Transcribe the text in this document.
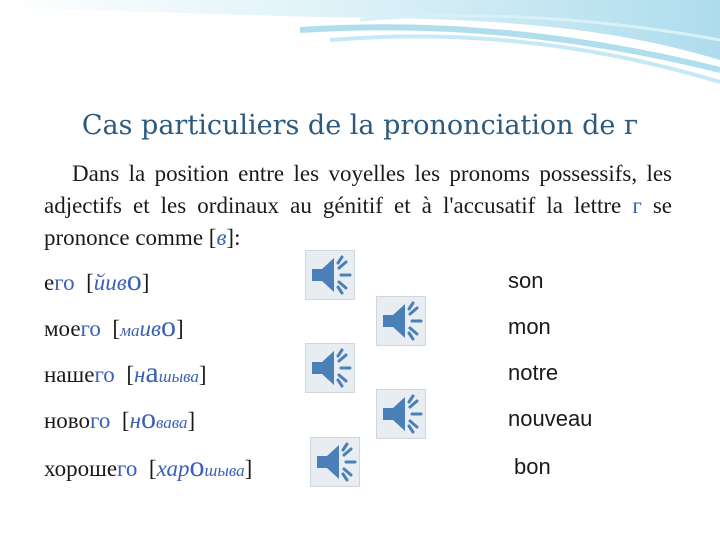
Cas particuliers de la prononciation de г
Dans la position entre les voyelles les pronoms possessifs, les adjectifs et les ordinaux au génitif et à l'accusatif la lettre г se prononce comme [в]:
его [йиво]	son
моего [маиво]	mon
нашего [нашыва]	notre
нового [новава]	nouveau
хорошего [харошыва]	bon
